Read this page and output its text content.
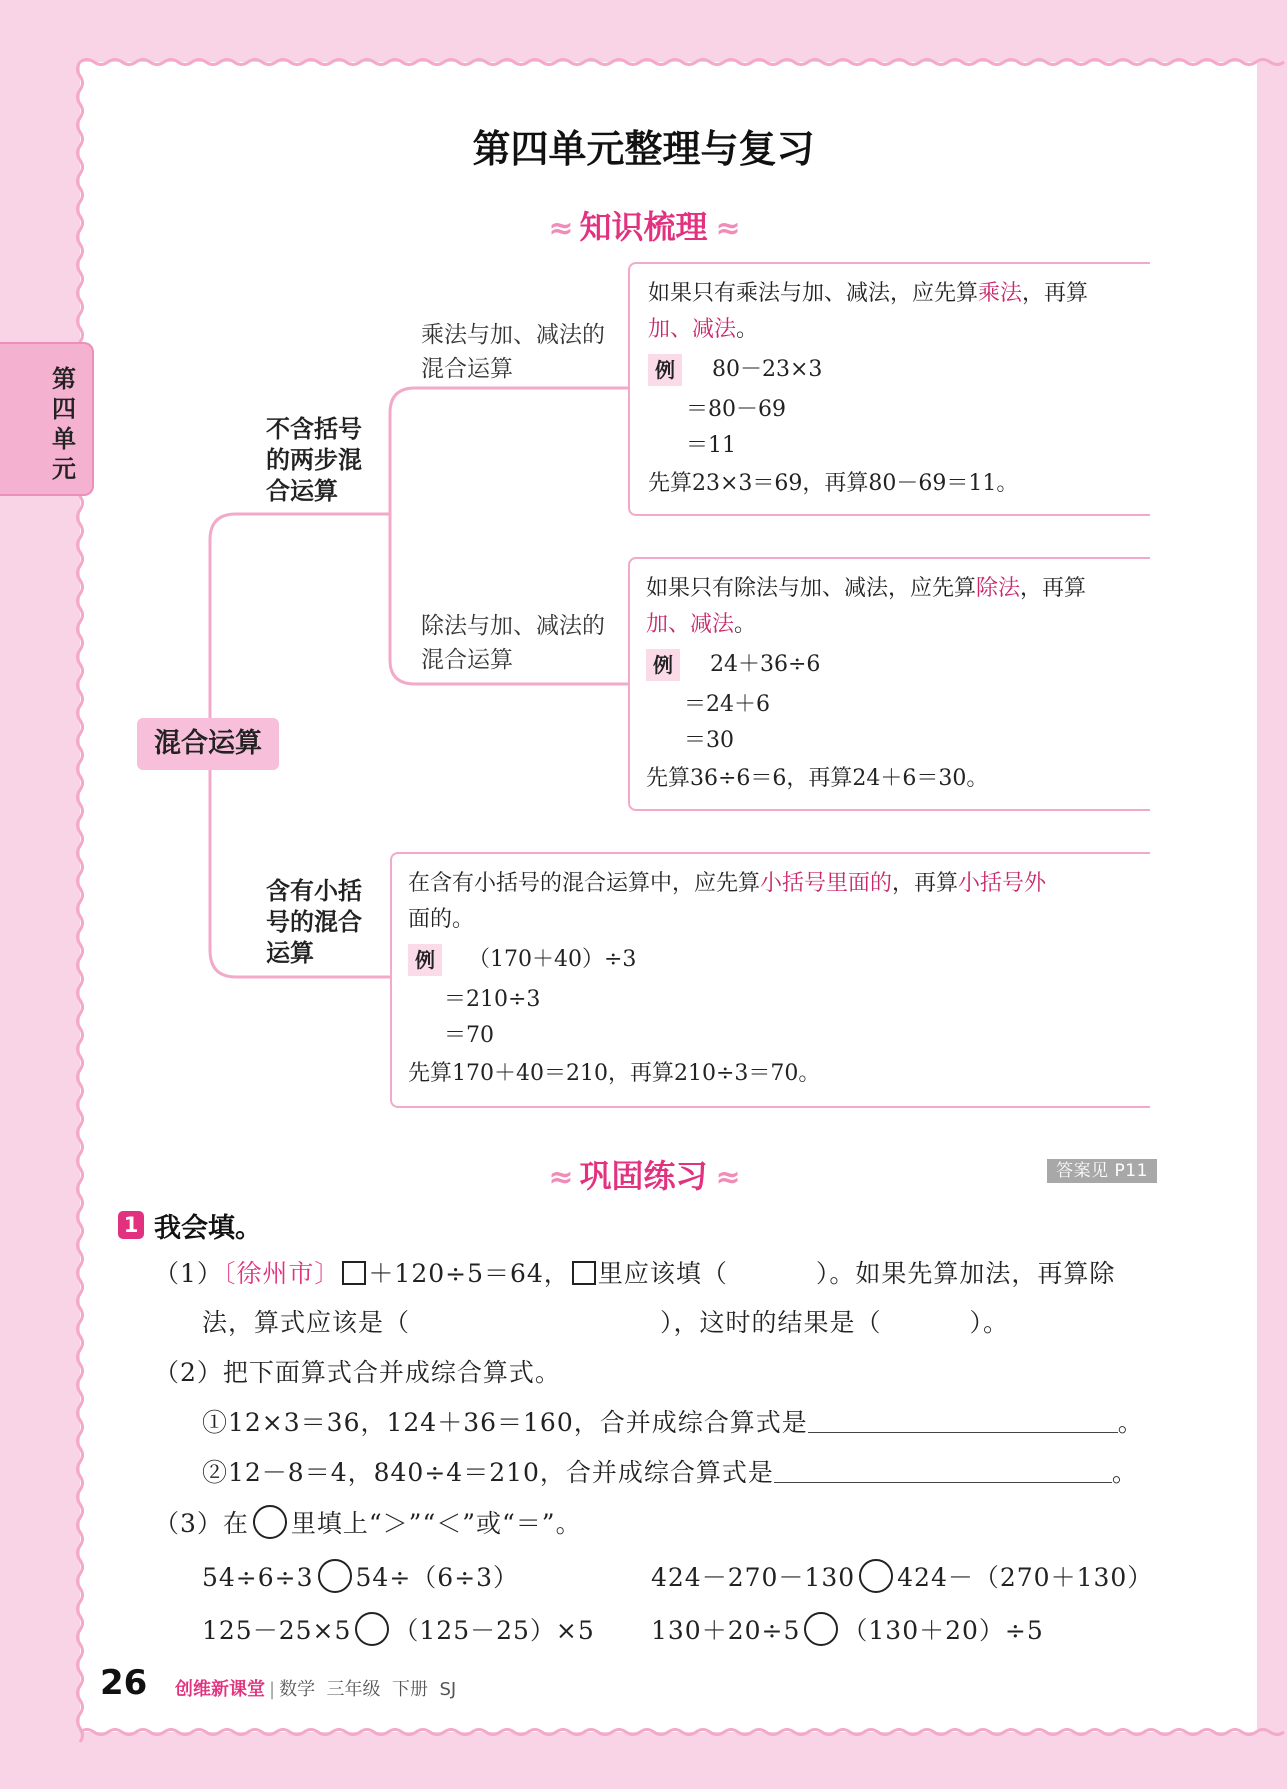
第四单元
第四单元整理与复习
≈ 知识梳理 ≈
混合运算
不含括号的两步混合运算
含有小括号的混合运算
乘法与加、减法的混合运算
除法与加、减法的混合运算
如果只有乘法与加、减法，应先算乘法，再算
加、减法。
例	80－23×3
＝80－69
＝11
先算23×3＝69，再算80－69＝11。
如果只有除法与加、减法，应先算除法，再算
加、减法。
例	24＋36÷6
＝24＋6
＝30
先算36÷6＝6，再算24＋6＝30。
在含有小括号的混合运算中，应先算小括号里面的，再算小括号外
面的。
例	（170＋40）÷3
＝210÷3
＝70
先算170＋40＝210，再算210÷3＝70。
≈ 巩固练习 ≈	答案见 P11
1 我会填。
（1）〔徐州市〕 ＋120÷5＝64， 里应该填（	）。如果先算加法，再算除
法，算式应该是（	），这时的结果是（	）。
（2）把下面算式合并成综合算式。
①12×3＝36，124＋36＝160，合并成综合算式是	。
②12－8＝4，840÷4＝210，合并成综合算式是	。
（3）在 里填上“＞”“＜”或“＝”。
54÷6÷3 54÷（6÷3）	424－270－130 424－（270＋130）
125－25×5 （125－25）×5 130＋20÷5 （130＋20）÷5
26 创维新课堂 | 数学 三年级 下册 SJ
